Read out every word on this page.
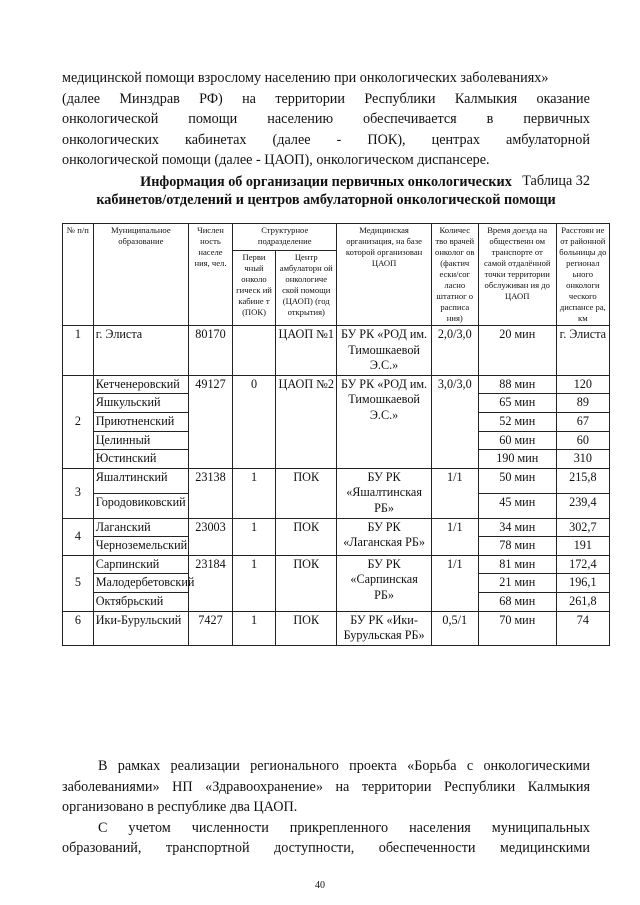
медицинской помощи взрослому населению при онкологических заболеваниях»
(далее Минздрав РФ) на территории Республики Калмыкия оказание
онкологической помощи населению обеспечивается в первичных
онкологических кабинетах (далее - ПОК), центрах амбулаторной
онкологической помощи (далее - ЦАОП), онкологическом диспансере.
Таблица 32
Информация об организации первичных онкологических
кабинетов/отделений и центров амбулаторной онкологической помощи
№ п/п	Муниципальное образование	Числен ность населе ния, чел.	Структурное подразделение		Медицинская организация, на базе которой организован ЦАОП	Количес тво врачей онколог ов (фактич ески/сог ласно штатног о расписа ния)	Время доезда на общественн ом транспорте от самой отдалённой точки территории обслуживан ия до ЦАОП	Расстоян ие от районной больницы до регионал ьного онкологи ческого диспансе ра, км
			Перви чный онколо гическ ий кабине т (ПОК)	Центр амбулаторн ой онкологиче ской помощи (ЦАОП) (год открытия)				
1	г. Элиста	80170		ЦАОП №1	БУ РК «РОД им. Тимошкаевой Э.С.»	2,0/3,0	20 мин	г. Элиста
2	Кетченеровский	49127	0	ЦАОП №2	БУ РК «РОД им. Тимошкаевой Э.С.»	3,0/3,0	88 мин	120
	Яшкульский						65 мин	89
	Приютненский						52 мин	67
	Целинный						60 мин	60
	Юстинский						190 мин	310
3	Яшалтинский	23138	1	ПОК	БУ РК «Яшалтинская РБ»	1/1	50 мин	215,8
	Городовиковский						45 мин	239,4
4	Лаганский	23003	1	ПОК	БУ РК «Лаганская РБ»	1/1	34 мин	302,7
	Черноземельский						78 мин	191
5	Сарпинский	23184	1	ПОК	БУ РК «Сарпинская РБ»	1/1	81 мин	172,4
	Малодербетовский						21 мин	196,1
	Октябрьский						68 мин	261,8
6	Ики-Бурульский	7427	1	ПОК	БУ РК «Ики-Бурульская РБ»	0,5/1	70 мин	74
В рамках реализации регионального проекта «Борьба с онкологическими
заболеваниями» НП «Здравоохранение» на территории Республики Калмыкия
организовано в республике два ЦАОП.
С учетом численности прикрепленного населения муниципальных
образований, транспортной доступности, обеспеченности медицинскими
40
